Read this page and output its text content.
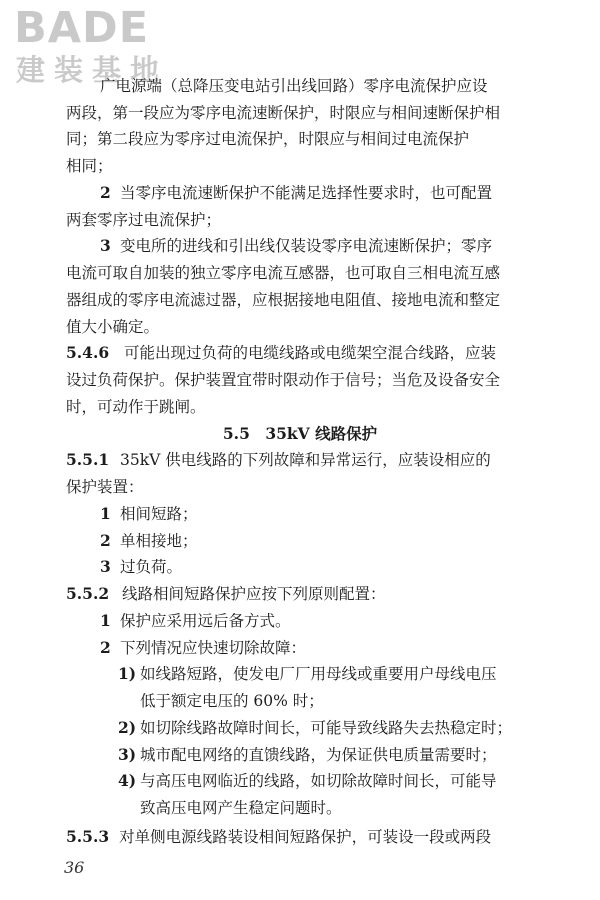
BADE
建装基地
广电源端（总降压变电站引出线回路）零序电流保护应设
两段，第一段应为零序电流速断保护，时限应与相间速断保护相
同；第二段应为零序过电流保护，时限应与相间过电流保护
相同；
2 当零序电流速断保护不能满足选择性要求时，也可配置
两套零序过电流保护；
3 变电所的进线和引出线仅装设零序电流速断保护；零序
电流可取自加装的独立零序电流互感器，也可取自三相电流互感
器组成的零序电流滤过器，应根据接地电阻值、接地电流和整定
值大小确定。
5.4.6 可能出现过负荷的电缆线路或电缆架空混合线路，应装
设过负荷保护。保护装置宜带时限动作于信号；当危及设备安全
时，可动作于跳闸。
5.5　35kV 线路保护
5.5.1 35kV 供电线路的下列故障和异常运行，应装设相应的
保护装置：
1 相间短路；
2 单相接地；
3 过负荷。
5.5.2 线路相间短路保护应按下列原则配置：
1 保护应采用远后备方式。
2 下列情况应快速切除故障：
1) 如线路短路，使发电厂厂用母线或重要用户母线电压
低于额定电压的 60% 时；
2) 如切除线路故障时间长，可能导致线路失去热稳定时；
3) 城市配电网络的直馈线路，为保证供电质量需要时；
4) 与高压电网临近的线路，如切除故障时间长，可能导
致高压电网产生稳定问题时。
5.5.3 对单侧电源线路装设相间短路保护，可装设一段或两段
36
